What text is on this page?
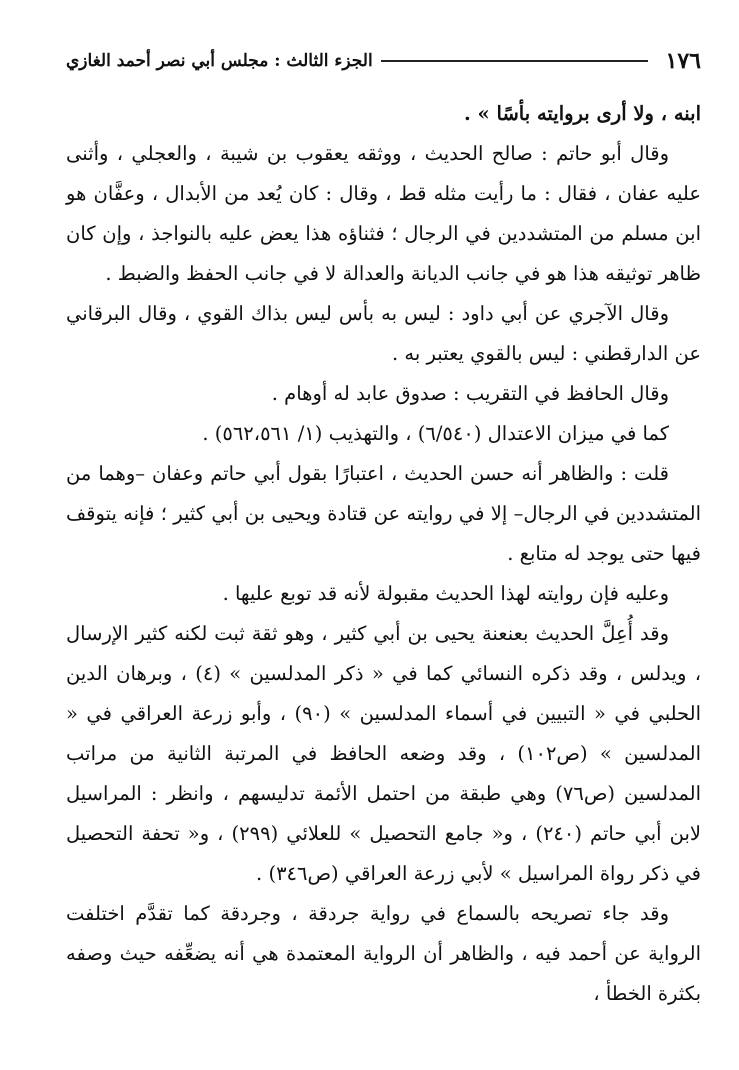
١٧٦
الجزء الثالث : مجلس أبي نصر أحمد الغازي

ابنه ، ولا أرى بروايته بأسًا » .

وقال أبو حاتم : صالح الحديث ، ووثقه يعقوب بن شيبة ، والعجلي ، وأثنى عليه عفان ، فقال : ما رأيت مثله قط ، وقال : كان يُعد من الأبدال ، وعفَّان هو ابن مسلم من المتشددين في الرجال ؛ فثناؤه هذا يعض عليه بالنواجذ ، وإن كان ظاهر توثيقه هذا هو في جانب الديانة والعدالة لا في جانب الحفظ والضبط .

وقال الآجري عن أبي داود : ليس به بأس ليس بذاك القوي ، وقال البرقاني عن الدارقطني : ليس بالقوي يعتبر به .

وقال الحافظ في التقريب : صدوق عابد له أوهام .

كما في ميزان الاعتدال (٦/٥٤٠) ، والتهذيب (١/ ٥٦٢،٥٦١) .

قلت : والظاهر أنه حسن الحديث ، اعتبارًا بقول أبي حاتم وعفان –وهما من المتشددين في الرجال– إلا في روايته عن قتادة ويحيى بن أبي كثير ؛ فإنه يتوقف فيها حتى يوجد له متابع .

وعليه فإن روايته لهذا الحديث مقبولة لأنه قد توبع عليها .

وقد أُعِلَّ الحديث بعنعنة يحيى بن أبي كثير ، وهو ثقة ثبت لكنه كثير الإرسال ، ويدلس ، وقد ذكره النسائي كما في « ذكر المدلسين » (٤) ، وبرهان الدين الحلبي في « التبيين في أسماء المدلسين » (٩٠) ، وأبو زرعة العراقي في « المدلسين » (ص١٠٢) ، وقد وضعه الحافظ في المرتبة الثانية من مراتب المدلسين (ص٧٦) وهي طبقة من احتمل الأئمة تدليسهم ، وانظر : المراسيل لابن أبي حاتم (٢٤٠) ، و« جامع التحصيل » للعلائي (٢٩٩) ، و« تحفة التحصيل في ذكر رواة المراسيل » لأبي زرعة العراقي (ص٣٤٦) .

وقد جاء تصريحه بالسماع في رواية جردقة ، وجردقة كما تقدَّم اختلفت الرواية عن أحمد فيه ، والظاهر أن الرواية المعتمدة هي أنه يضعِّفه حيث وصفه بكثرة الخطأ ،
